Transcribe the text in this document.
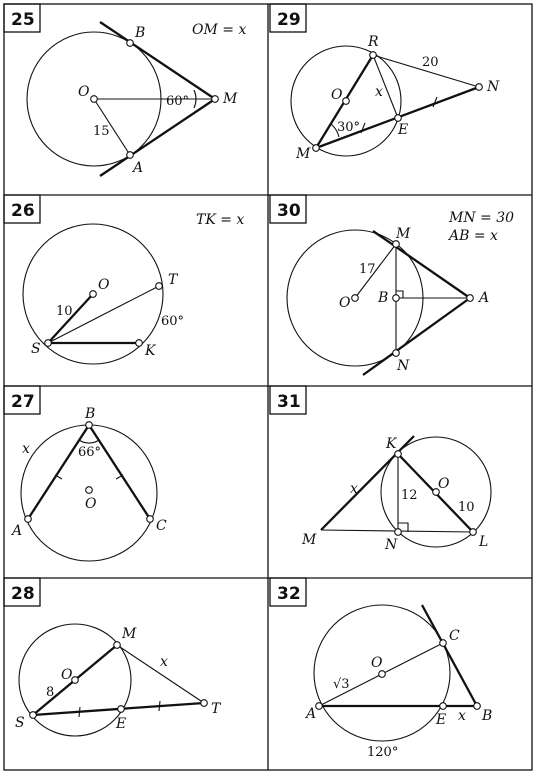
25	OM = x
B
O	M
A
60°
15
29
R
N
O x
E
M
20
30°
26	TK = x
O	T
S	K
10
60°
30	MN = 30
AB = x
M
O B	A
N
17
27
B
x
O
A	C
66°
31
K
O
x
M	N	L
12
10
28
M
O
x
S	E
T
8
32
C
O
A	E x B
√3
120°
